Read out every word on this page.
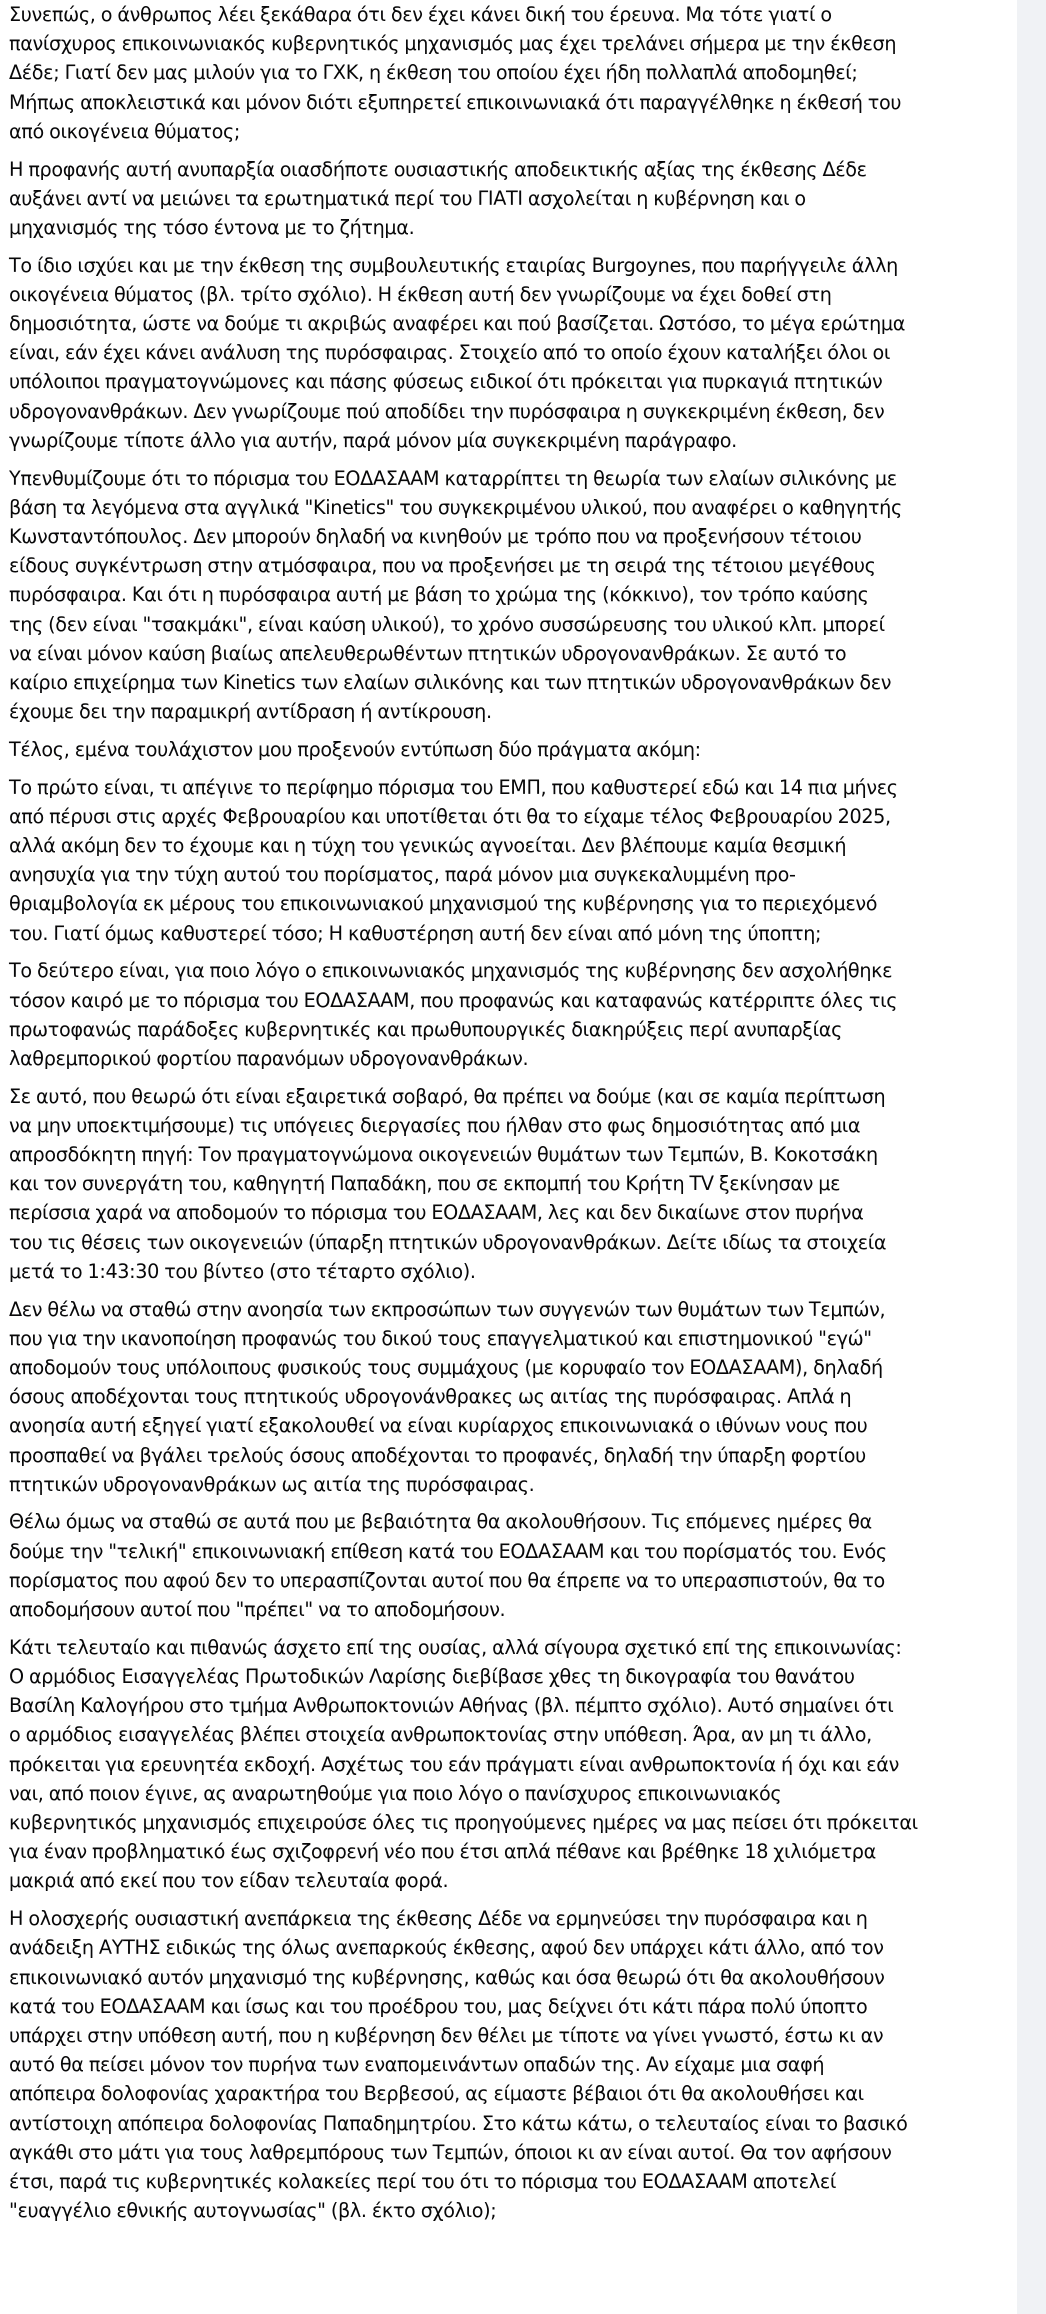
Συνεπώς, ο άνθρωπος λέει ξεκάθαρα ότι δεν έχει κάνει δική του έρευνα. Μα τότε γιατί ο
πανίσχυρος επικοινωνιακός κυβερνητικός μηχανισμός μας έχει τρελάνει σήμερα με την έκθεση
Δέδε; Γιατί δεν μας μιλούν για το ΓΧΚ, η έκθεση του οποίου έχει ήδη πολλαπλά αποδομηθεί;
Μήπως αποκλειστικά και μόνον διότι εξυπηρετεί επικοινωνιακά ότι παραγγέλθηκε η έκθεσή του
από οικογένεια θύματος;

Η προφανής αυτή ανυπαρξία οιασδήποτε ουσιαστικής αποδεικτικής αξίας της έκθεσης Δέδε
αυξάνει αντί να μειώνει τα ερωτηματικά περί του ΓΙΑΤΙ ασχολείται η κυβέρνηση και ο
μηχανισμός της τόσο έντονα με το ζήτημα.

Το ίδιο ισχύει και με την έκθεση της συμβουλευτικής εταιρίας Burgoynes, που παρήγγειλε άλλη
οικογένεια θύματος (βλ. τρίτο σχόλιο). Η έκθεση αυτή δεν γνωρίζουμε να έχει δοθεί στη
δημοσιότητα, ώστε να δούμε τι ακριβώς αναφέρει και πού βασίζεται. Ωστόσο, το μέγα ερώτημα
είναι, εάν έχει κάνει ανάλυση της πυρόσφαιρας. Στοιχείο από το οποίο έχουν καταλήξει όλοι οι
υπόλοιποι πραγματογνώμονες και πάσης φύσεως ειδικοί ότι πρόκειται για πυρκαγιά πτητικών
υδρογονανθράκων. Δεν γνωρίζουμε πού αποδίδει την πυρόσφαιρα η συγκεκριμένη έκθεση, δεν
γνωρίζουμε τίποτε άλλο για αυτήν, παρά μόνον μία συγκεκριμένη παράγραφο.

Υπενθυμίζουμε ότι το πόρισμα του ΕΟΔΑΣΑΑΜ καταρρίπτει τη θεωρία των ελαίων σιλικόνης με
βάση τα λεγόμενα στα αγγλικά "Kinetics" του συγκεκριμένου υλικού, που αναφέρει ο καθηγητής
Κωνσταντόπουλος. Δεν μπορούν δηλαδή να κινηθούν με τρόπο που να προξενήσουν τέτοιου
είδους συγκέντρωση στην ατμόσφαιρα, που να προξενήσει με τη σειρά της τέτοιου μεγέθους
πυρόσφαιρα. Και ότι η πυρόσφαιρα αυτή με βάση το χρώμα της (κόκκινο), τον τρόπο καύσης
της (δεν είναι "τσακμάκι", είναι καύση υλικού), το χρόνο συσσώρευσης του υλικού κλπ. μπορεί
να είναι μόνον καύση βιαίως απελευθερωθέντων πτητικών υδρογονανθράκων. Σε αυτό το
καίριο επιχείρημα των Kinetics των ελαίων σιλικόνης και των πτητικών υδρογονανθράκων δεν
έχουμε δει την παραμικρή αντίδραση ή αντίκρουση.

Τέλος, εμένα τουλάχιστον μου προξενούν εντύπωση δύο πράγματα ακόμη:

Το πρώτο είναι, τι απέγινε το περίφημο πόρισμα του ΕΜΠ, που καθυστερεί εδώ και 14 πια μήνες
από πέρυσι στις αρχές Φεβρουαρίου και υποτίθεται ότι θα το είχαμε τέλος Φεβρουαρίου 2025,
αλλά ακόμη δεν το έχουμε και η τύχη του γενικώς αγνοείται. Δεν βλέπουμε καμία θεσμική
ανησυχία για την τύχη αυτού του πορίσματος, παρά μόνον μια συγκεκαλυμμένη προ-
θριαμβολογία εκ μέρους του επικοινωνιακού μηχανισμού της κυβέρνησης για το περιεχόμενό
του. Γιατί όμως καθυστερεί τόσο; Η καθυστέρηση αυτή δεν είναι από μόνη της ύποπτη;

Το δεύτερο είναι, για ποιο λόγο ο επικοινωνιακός μηχανισμός της κυβέρνησης δεν ασχολήθηκε
τόσον καιρό με το πόρισμα του ΕΟΔΑΣΑΑΜ, που προφανώς και καταφανώς κατέρριπτε όλες τις
πρωτοφανώς παράδοξες κυβερνητικές και πρωθυπουργικές διακηρύξεις περί ανυπαρξίας
λαθρεμπορικού φορτίου παρανόμων υδρογονανθράκων.

Σε αυτό, που θεωρώ ότι είναι εξαιρετικά σοβαρό, θα πρέπει να δούμε (και σε καμία περίπτωση
να μην υποεκτιμήσουμε) τις υπόγειες διεργασίες που ήλθαν στο φως δημοσιότητας από μια
απροσδόκητη πηγή: Τον πραγματογνώμονα οικογενειών θυμάτων των Τεμπών, Β. Κοκοτσάκη
και τον συνεργάτη του, καθηγητή Παπαδάκη, που σε εκπομπή του Κρήτη TV ξεκίνησαν με
περίσσια χαρά να αποδομούν το πόρισμα του ΕΟΔΑΣΑΑΜ, λες και δεν δικαίωνε στον πυρήνα
του τις θέσεις των οικογενειών (ύπαρξη πτητικών υδρογονανθράκων. Δείτε ιδίως τα στοιχεία
μετά το 1:43:30 του βίντεο (στο τέταρτο σχόλιο).

Δεν θέλω να σταθώ στην ανοησία των εκπροσώπων των συγγενών των θυμάτων των Τεμπών,
που για την ικανοποίηση προφανώς του δικού τους επαγγελματικού και επιστημονικού "εγώ"
αποδομούν τους υπόλοιπους φυσικούς τους συμμάχους (με κορυφαίο τον ΕΟΔΑΣΑΑΜ), δηλαδή
όσους αποδέχονται τους πτητικούς υδρογονάνθρακες ως αιτίας της πυρόσφαιρας. Απλά η
ανοησία αυτή εξηγεί γιατί εξακολουθεί να είναι κυρίαρχος επικοινωνιακά ο ιθύνων νους που
προσπαθεί να βγάλει τρελούς όσους αποδέχονται το προφανές, δηλαδή την ύπαρξη φορτίου
πτητικών υδρογονανθράκων ως αιτία της πυρόσφαιρας.

Θέλω όμως να σταθώ σε αυτά που με βεβαιότητα θα ακολουθήσουν. Τις επόμενες ημέρες θα
δούμε την "τελική" επικοινωνιακή επίθεση κατά του ΕΟΔΑΣΑΑΜ και του πορίσματός του. Ενός
πορίσματος που αφού δεν το υπερασπίζονται αυτοί που θα έπρεπε να το υπερασπιστούν, θα το
αποδομήσουν αυτοί που "πρέπει" να το αποδομήσουν.

Κάτι τελευταίο και πιθανώς άσχετο επί της ουσίας, αλλά σίγουρα σχετικό επί της επικοινωνίας:
Ο αρμόδιος Εισαγγελέας Πρωτοδικών Λαρίσης διεβίβασε χθες τη δικογραφία του θανάτου
Βασίλη Καλογήρου στο τμήμα Ανθρωποκτονιών Αθήνας (βλ. πέμπτο σχόλιο). Αυτό σημαίνει ότι
ο αρμόδιος εισαγγελέας βλέπει στοιχεία ανθρωποκτονίας στην υπόθεση. Άρα, αν μη τι άλλο,
πρόκειται για ερευνητέα εκδοχή. Ασχέτως του εάν πράγματι είναι ανθρωποκτονία ή όχι και εάν
ναι, από ποιον έγινε, ας αναρωτηθούμε για ποιο λόγο ο πανίσχυρος επικοινωνιακός
κυβερνητικός μηχανισμός επιχειρούσε όλες τις προηγούμενες ημέρες να μας πείσει ότι πρόκειται
για έναν προβληματικό έως σχιζοφρενή νέο που έτσι απλά πέθανε και βρέθηκε 18 χιλιόμετρα
μακριά από εκεί που τον είδαν τελευταία φορά.

Η ολοσχερής ουσιαστική ανεπάρκεια της έκθεσης Δέδε να ερμηνεύσει την πυρόσφαιρα και η
ανάδειξη ΑΥΤΗΣ ειδικώς της όλως ανεπαρκούς έκθεσης, αφού δεν υπάρχει κάτι άλλο, από τον
επικοινωνιακό αυτόν μηχανισμό της κυβέρνησης, καθώς και όσα θεωρώ ότι θα ακολουθήσουν
κατά του ΕΟΔΑΣΑΑΜ και ίσως και του προέδρου του, μας δείχνει ότι κάτι πάρα πολύ ύποπτο
υπάρχει στην υπόθεση αυτή, που η κυβέρνηση δεν θέλει με τίποτε να γίνει γνωστό, έστω κι αν
αυτό θα πείσει μόνον τον πυρήνα των εναπομεινάντων οπαδών της. Αν είχαμε μια σαφή
απόπειρα δολοφονίας χαρακτήρα του Βερβεσού, ας είμαστε βέβαιοι ότι θα ακολουθήσει και
αντίστοιχη απόπειρα δολοφονίας Παπαδημητρίου. Στο κάτω κάτω, ο τελευταίος είναι το βασικό
αγκάθι στο μάτι για τους λαθρεμπόρους των Τεμπών, όποιοι κι αν είναι αυτοί. Θα τον αφήσουν
έτσι, παρά τις κυβερνητικές κολακείες περί του ότι το πόρισμα του ΕΟΔΑΣΑΑΜ αποτελεί
"ευαγγέλιο εθνικής αυτογνωσίας" (βλ. έκτο σχόλιο);
